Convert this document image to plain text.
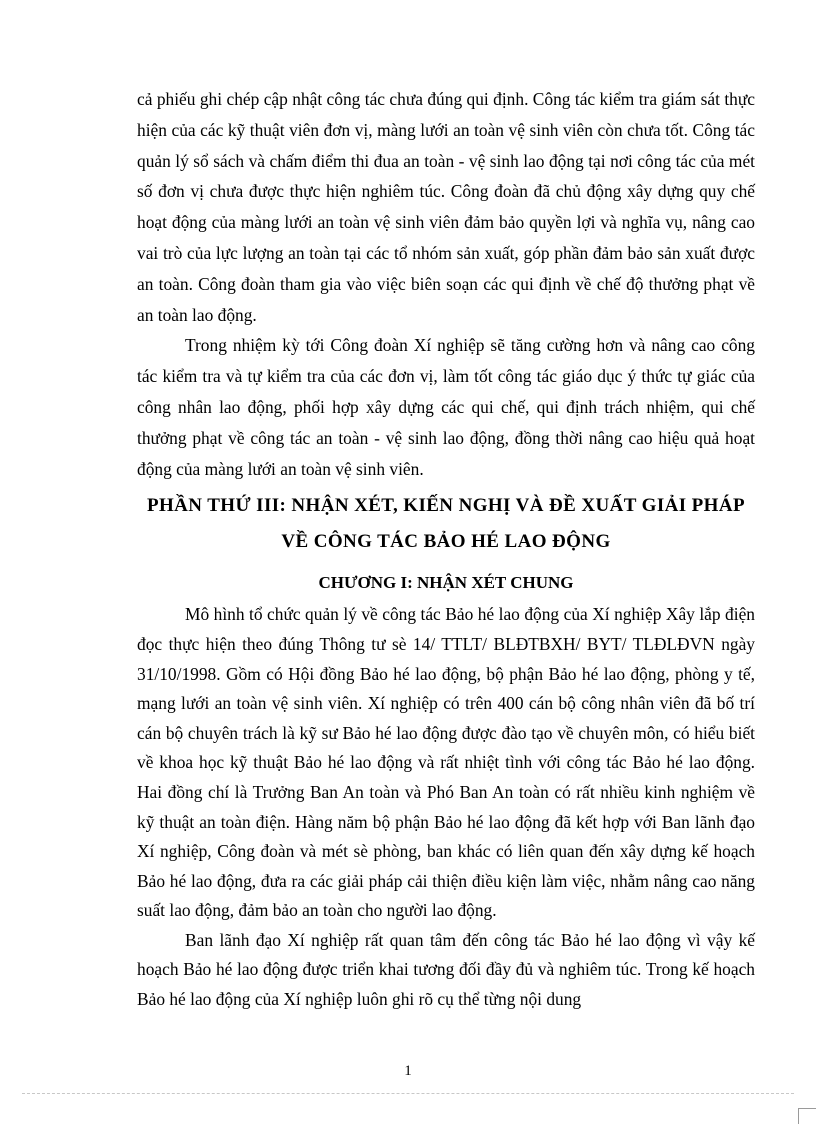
cả phiếu ghi chép cập nhật công tác chưa đúng qui định. Công tác kiểm tra giám sát thực hiện của các kỹ thuật viên đơn vị, màng lưới an toàn vệ sinh viên còn chưa tốt. Công tác quản lý sổ sách và chấm điểm thi đua an toàn - vệ sinh lao động tại nơi công tác của mét số đơn vị chưa được thực hiện nghiêm túc. Công đoàn đã chủ động xây dựng quy chế hoạt động của màng lưới an toàn vệ sinh viên đảm bảo quyền lợi và nghĩa vụ, nâng cao vai trò của lực lượng an toàn tại các tổ nhóm sản xuất, góp phần đảm bảo sản xuất được an toàn. Công đoàn tham gia vào việc biên soạn các qui định về chế độ thưởng phạt về an toàn lao động.

Trong nhiệm kỳ tới Công đoàn Xí nghiệp sẽ tăng cường hơn và nâng cao công tác kiểm tra và tự kiểm tra của các đơn vị, làm tốt công tác giáo dục ý thức tự giác của công nhân lao động, phối hợp xây dựng các qui chế, qui định trách nhiệm, qui chế thưởng phạt về công tác an toàn - vệ sinh lao động, đồng thời nâng cao hiệu quả hoạt động của màng lưới an toàn vệ sinh viên.

PHẦN THỨ III: NHẬN XÉT, KIẾN NGHỊ VÀ ĐỀ XUẤT GIẢI PHÁP VỀ CÔNG TÁC BẢO HÉ LAO ĐỘNG
CHƯƠNG I: NHẬN XÉT CHUNG

Mô hình tổ chức quản lý về công tác Bảo hé lao động của Xí nghiệp Xây lắp điện đọc thực hiện theo đúng Thông tư sè 14/ TTLT/ BLĐTBXH/ BYT/ TLĐLĐVN ngày 31/10/1998. Gồm có Hội đồng Bảo hé lao động, bộ phận Bảo hé lao động, phòng y tế, mạng lưới an toàn vệ sinh viên. Xí nghiệp có trên 400 cán bộ công nhân viên đã bố trí cán bộ chuyên trách là kỹ sư Bảo hé lao động được đào tạo về chuyên môn, có hiểu biết về khoa học kỹ thuật Bảo hé lao động và rất nhiệt tình với công tác Bảo hé lao động. Hai đồng chí là Trưởng Ban An toàn và Phó Ban An toàn có rất nhiều kinh nghiệm về kỹ thuật an toàn điện. Hàng năm bộ phận Bảo hé lao động đã kết hợp với Ban lãnh đạo Xí nghiệp, Công đoàn và mét sè phòng, ban khác có liên quan đến xây dựng kế hoạch Bảo hé lao động, đưa ra các giải pháp cải thiện điều kiện làm việc, nhằm nâng cao năng suất lao động, đảm bảo an toàn cho người lao động.

Ban lãnh đạo Xí nghiệp rất quan tâm đến công tác Bảo hé lao động vì vậy kế hoạch Bảo hé lao động được triển khai tương đối đầy đủ và nghiêm túc. Trong kế hoạch Bảo hé lao động của Xí nghiệp luôn ghi rõ cụ thể từng nội dung

1
